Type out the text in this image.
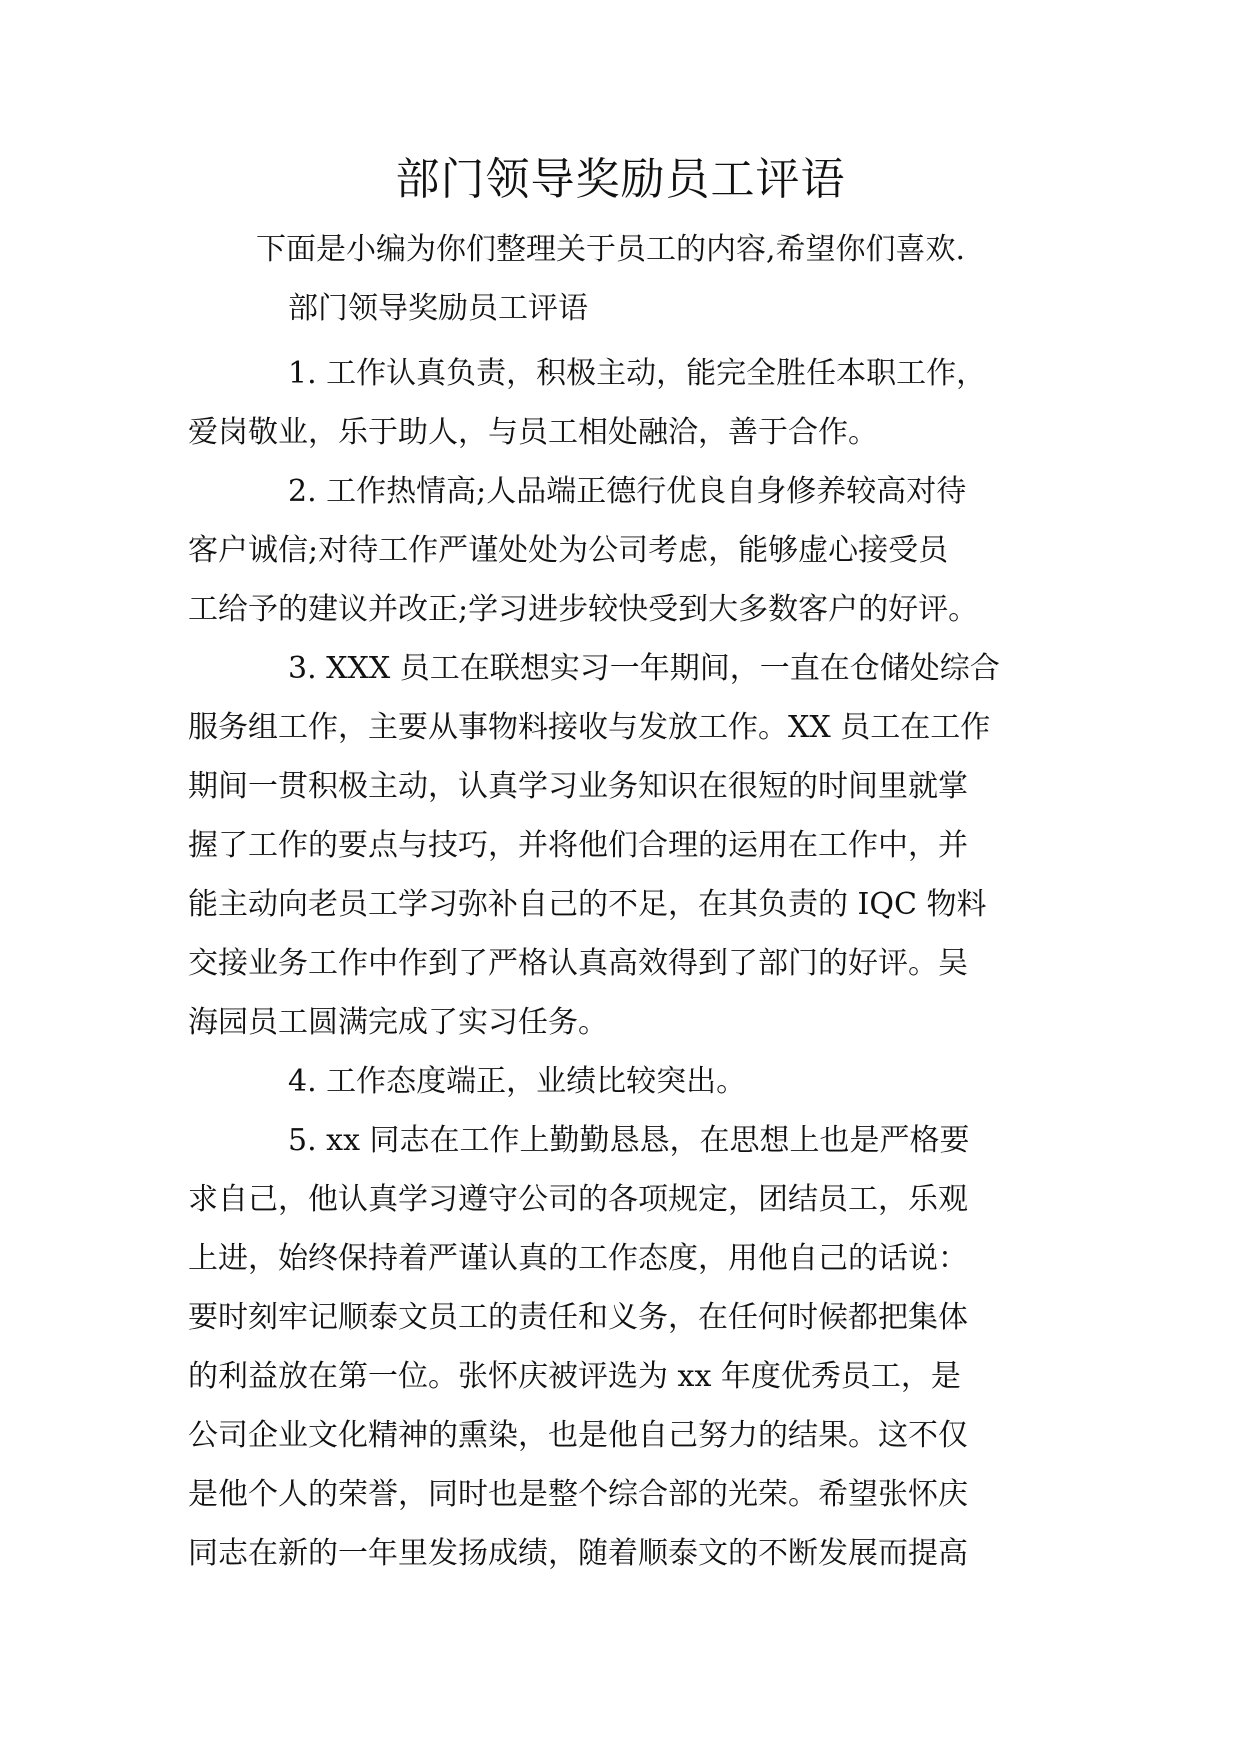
部门领导奖励员工评语

下面是小编为你们整理关于员工的内容,希望你们喜欢.

部门领导奖励员工评语

1. 工作认真负责，积极主动，能完全胜任本职工作，
爱岗敬业，乐于助人，与员工相处融洽，善于合作。
2. 工作热情高;人品端正德行优良自身修养较高对待
客户诚信;对待工作严谨处处为公司考虑，能够虚心接受员
工给予的建议并改正;学习进步较快受到大多数客户的好评。
3. XXX 员工在联想实习一年期间，一直在仓储处综合
服务组工作，主要从事物料接收与发放工作。XX 员工在工作
期间一贯积极主动，认真学习业务知识在很短的时间里就掌
握了工作的要点与技巧，并将他们合理的运用在工作中，并
能主动向老员工学习弥补自己的不足，在其负责的 IQC 物料
交接业务工作中作到了严格认真高效得到了部门的好评。吴
海园员工圆满完成了实习任务。
4. 工作态度端正，业绩比较突出。
5. xx 同志在工作上勤勤恳恳，在思想上也是严格要
求自己，他认真学习遵守公司的各项规定，团结员工，乐观
上进，始终保持着严谨认真的工作态度，用他自己的话说：
要时刻牢记顺泰文员工的责任和义务，在任何时候都把集体
的利益放在第一位。张怀庆被评选为 xx 年度优秀员工，是
公司企业文化精神的熏染，也是他自己努力的结果。这不仅
是他个人的荣誉，同时也是整个综合部的光荣。希望张怀庆
同志在新的一年里发扬成绩，随着顺泰文的不断发展而提高
